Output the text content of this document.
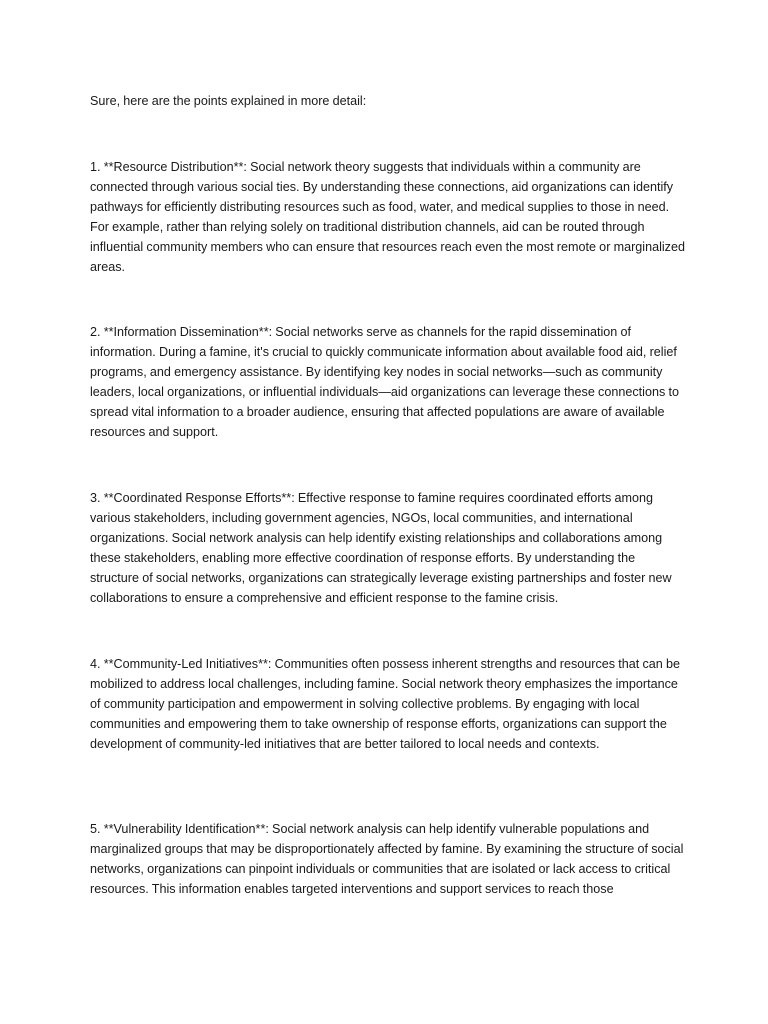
Sure, here are the points explained in more detail:

1. **Resource Distribution**: Social network theory suggests that individuals within a community are connected through various social ties. By understanding these connections, aid organizations can identify pathways for efficiently distributing resources such as food, water, and medical supplies to those in need. For example, rather than relying solely on traditional distribution channels, aid can be routed through influential community members who can ensure that resources reach even the most remote or marginalized areas.

2. **Information Dissemination**: Social networks serve as channels for the rapid dissemination of information. During a famine, it's crucial to quickly communicate information about available food aid, relief programs, and emergency assistance. By identifying key nodes in social networks—such as community leaders, local organizations, or influential individuals—aid organizations can leverage these connections to spread vital information to a broader audience, ensuring that affected populations are aware of available resources and support.

3. **Coordinated Response Efforts**: Effective response to famine requires coordinated efforts among various stakeholders, including government agencies, NGOs, local communities, and international organizations. Social network analysis can help identify existing relationships and collaborations among these stakeholders, enabling more effective coordination of response efforts. By understanding the structure of social networks, organizations can strategically leverage existing partnerships and foster new collaborations to ensure a comprehensive and efficient response to the famine crisis.

4. **Community-Led Initiatives**: Communities often possess inherent strengths and resources that can be mobilized to address local challenges, including famine. Social network theory emphasizes the importance of community participation and empowerment in solving collective problems. By engaging with local communities and empowering them to take ownership of response efforts, organizations can support the development of community-led initiatives that are better tailored to local needs and contexts.

5. **Vulnerability Identification**: Social network analysis can help identify vulnerable populations and marginalized groups that may be disproportionately affected by famine. By examining the structure of social networks, organizations can pinpoint individuals or communities that are isolated or lack access to critical resources. This information enables targeted interventions and support services to reach those
